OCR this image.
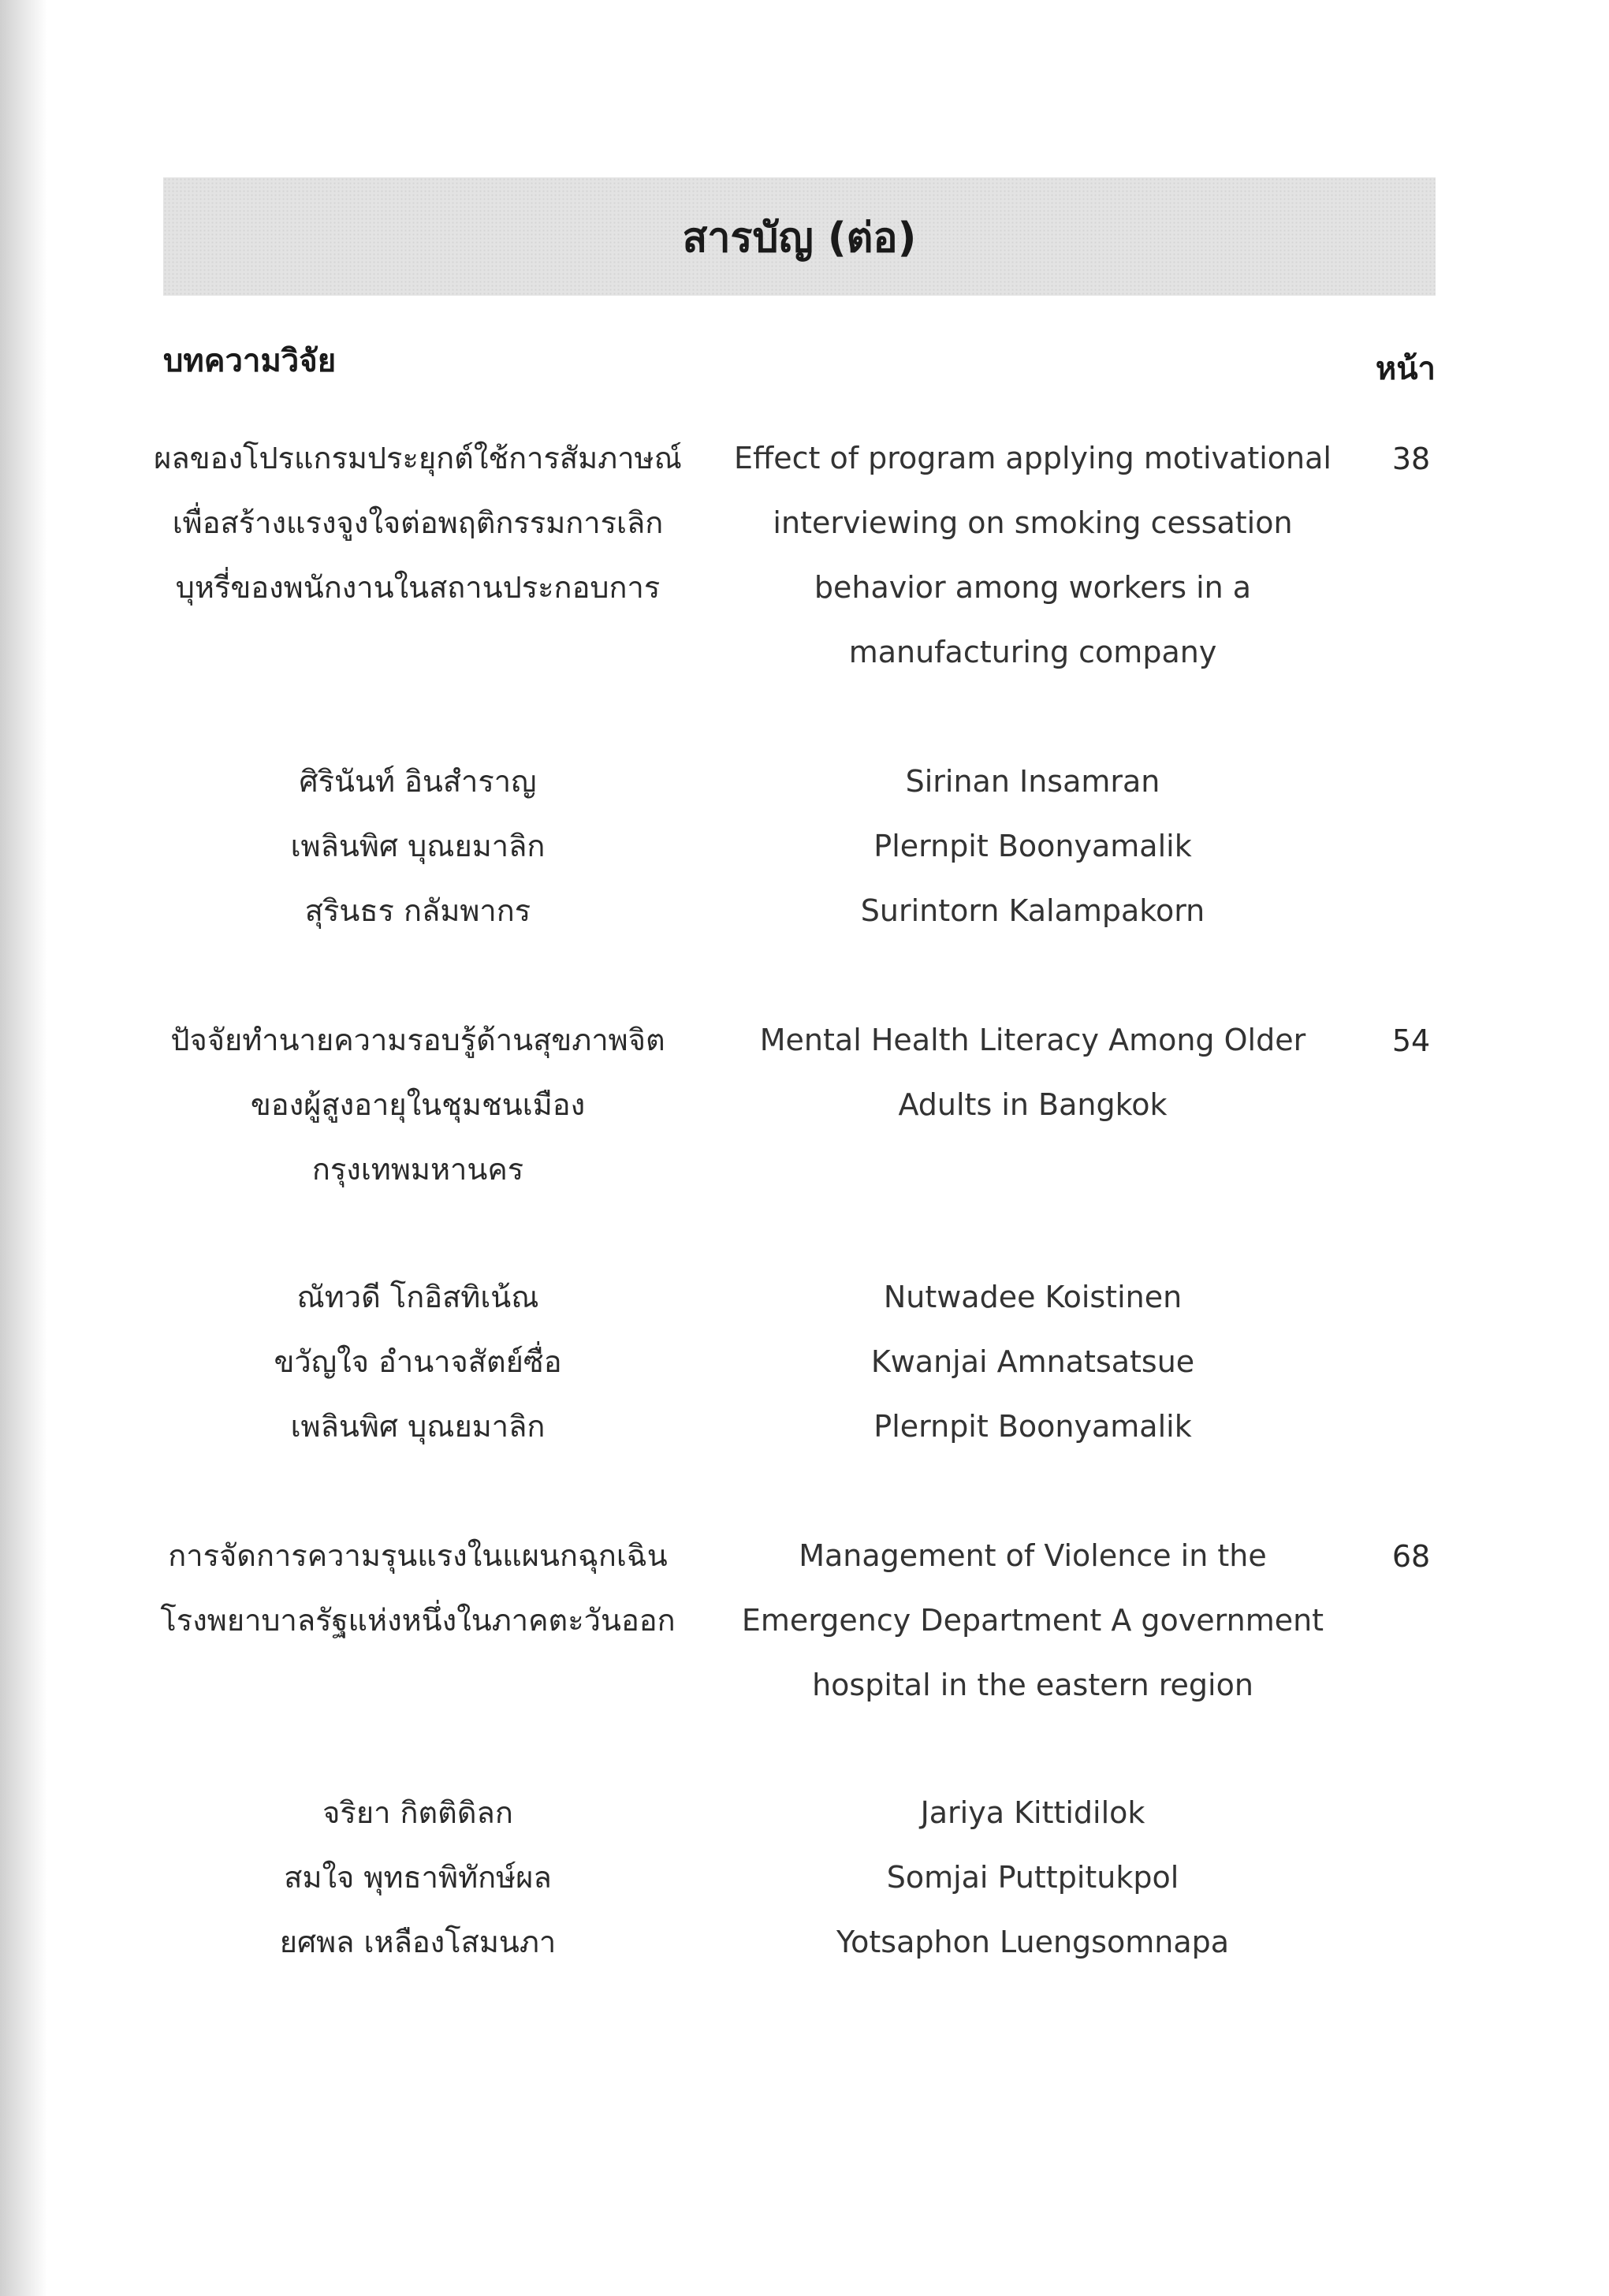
สารบัญ (ต่อ)
บทความวิจัย	หน้า
ผลของโปรแกรมประยุกต์ใช้การสัมภาษณ์
เพื่อสร้างแรงจูงใจต่อพฤติกรรมการเลิก
บุหรี่ของพนักงานในสถานประกอบการ
Effect of program applying motivational
interviewing on smoking cessation
behavior among workers in a
manufacturing company
38
ศิรินันท์ อินสำราญ
เพลินพิศ บุณยมาลิก
สุรินธร กลัมพากร
Sirinan Insamran
Plernpit Boonyamalik
Surintorn Kalampakorn
ปัจจัยทำนายความรอบรู้ด้านสุขภาพจิต
ของผู้สูงอายุในชุมชนเมือง
กรุงเทพมหานคร
Mental Health Literacy Among Older
Adults in Bangkok
54
ณัทวดี โกอิสทิเน้ณ
ขวัญใจ อำนาจสัตย์ซื่อ
เพลินพิศ บุณยมาลิก
Nutwadee Koistinen
Kwanjai Amnatsatsue
Plernpit Boonyamalik
การจัดการความรุนแรงในแผนกฉุกเฉิน
โรงพยาบาลรัฐแห่งหนึ่งในภาคตะวันออก
Management of Violence in the
Emergency Department A government
hospital in the eastern region
68
จริยา กิตติดิลก
สมใจ พุทธาพิทักษ์ผล
ยศพล เหลืองโสมนภา
Jariya Kittidilok
Somjai Puttpitukpol
Yotsaphon Luengsomnapa
